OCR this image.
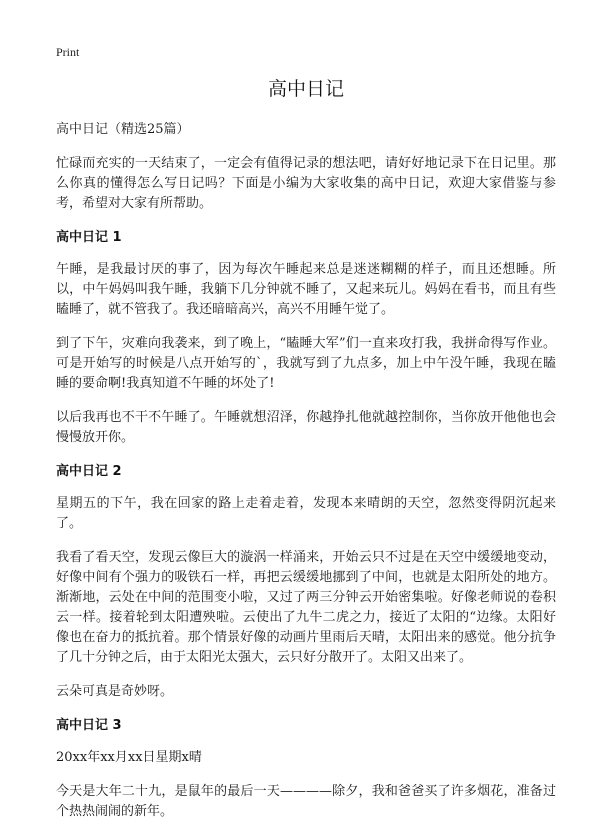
Print
高中日记
高中日记（精选25篇）

忙碌而充实的一天结束了，一定会有值得记录的想法吧，请好好地记录下在日记里。那么你真的懂得怎么写日记吗？下面是小编为大家收集的高中日记，欢迎大家借鉴与参考，希望对大家有所帮助。

高中日记 1

午睡，是我最讨厌的事了，因为每次午睡起来总是迷迷糊糊的样子，而且还想睡。所以，中午妈妈叫我午睡，我躺下几分钟就不睡了，又起来玩儿。妈妈在看书，而且有些瞌睡了，就不管我了。我还暗暗高兴，高兴不用睡午觉了。

到了下午，灾难向我袭来，到了晚上，“瞌睡大军”们一直来攻打我，我拼命得写作业。可是开始写的时候是八点开始写的`，我就写到了九点多，加上中午没午睡，我现在瞌睡的要命啊!我真知道不午睡的坏处了!

以后我再也不干不午睡了。午睡就想沼泽，你越挣扎他就越控制你，当你放开他他也会慢慢放开你。

高中日记 2

星期五的下午，我在回家的路上走着走着，发现本来晴朗的天空，忽然变得阴沉起来了。

我看了看天空，发现云像巨大的漩涡一样涌来，开始云只不过是在天空中缓缓地变动，好像中间有个强力的吸铁石一样，再把云缓缓地挪到了中间，也就是太阳所处的地方。渐渐地，云处在中间的范围变小啦，又过了两三分钟云开始密集啦。好像老师说的卷积云一样。接着轮到太阳遭殃啦。云使出了九牛二虎之力，接近了太阳的“边缘。太阳好像也在奋力的抵抗着。那个情景好像的动画片里雨后天晴，太阳出来的感觉。他分抗争了几十分钟之后，由于太阳光太强大，云只好分散开了。太阳又出来了。

云朵可真是奇妙呀。

高中日记 3

20xx年xx月xx日星期x晴

今天是大年二十九，是鼠年的最后一天————除夕，我和爸爸买了许多烟花，准备过个热热闹闹的新年。
